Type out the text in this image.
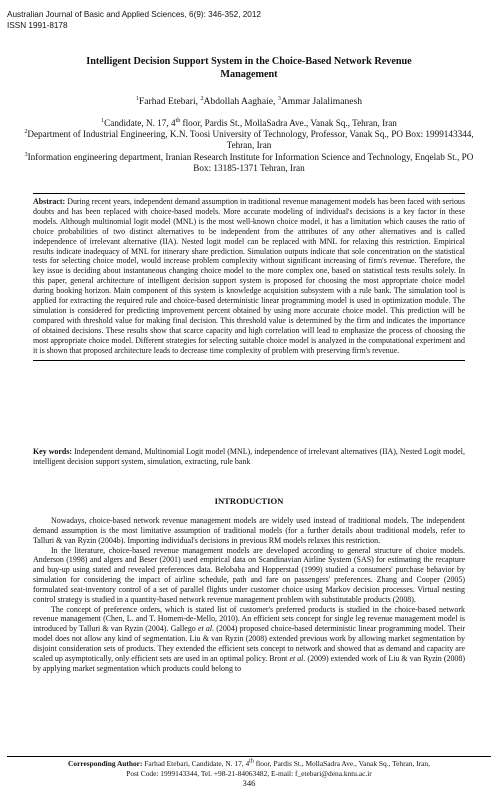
Australian Journal of Basic and Applied Sciences, 6(9): 346-352, 2012
ISSN 1991-8178
Intelligent Decision Support System in the Choice-Based Network Revenue
Management
$^1$Farhad Etebari, $^2$Abdollah Aaghaie, $^3$Ammar Jalalimanesh
$^1$Candidate, N. 17, 4th floor, Pardis St., MollaSadra Ave., Vanak Sq., Tehran, Iran
$^2$Department of Industrial Engineering, K.N. Toosi University of Technology, Professor, Vanak Sq., PO Box: 1999143344, Tehran, Iran
$^3$Information engineering department, Iranian Research Institute for Information Science and Technology, Enqelab St., PO Box: 13185-1371 Tehran, Iran
Abstract: During recent years, independent demand assumption in traditional revenue management models has been faced with serious doubts and has been replaced with choice-based models. More accurate modeling of individual's decisions is a key factor in these models. Although multinomial logit model (MNL) is the most well-known choice model, it has a limitation which causes the ratio of choice probabilities of two distinct alternatives to be independent from the attributes of any other alternatives and is called independence of irrelevant alternative (IIA). Nested logit model can be replaced with MNL for relaxing this restriction. Empirical results indicate inadequacy of MNL for itinerary share prediction. Simulation outputs indicate that sole concentration on the statistical tests for selecting choice model, would increase problem complexity without significant increasing of firm's revenue. Therefore, the key issue is deciding about instantaneous changing choice model to the more complex one, based on statistical tests results solely. In this paper, general architecture of intelligent decision support system is proposed for choosing the most appropriate choice model during booking horizon. Main component of this system is knowledge acquisition subsystem with a rule bank. The simulation tool is applied for extracting the required rule and choice-based deterministic linear programming model is used in optimization module. The simulation is considered for predicting improvement percent obtained by using more accurate choice model. This prediction will be compared with threshold value for making final decision. This threshold value is determined by the firm and indicates the importance of obtained decisions. These results show that scarce capacity and high correlation will lead to emphasize the process of choosing the most appropriate choice model. Different strategies for selecting suitable choice model is analyzed in the computational experiment and it is shown that proposed architecture leads to decrease time complexity of problem with preserving firm's revenue.
Key words: Independent demand, Multinomial Logit model (MNL), independence of irrelevant alternatives (IIA), Nested Logit model, intelligent decision support system, simulation, extracting, rule bank
INTRODUCTION

Nowadays, choice-based network revenue management models are widely used instead of traditional models. The independent demand assumption is the most limitative assumption of traditional models (for a further details about traditional models, refer to Talluri & van Ryzin (2004b). Importing individual's decisions in previous RM models relaxes this restriction.

In the literature, choice-based revenue management models are developed according to general structure of choice models. Anderson (1998) and algers and Beser (2001) used empirical data on Scandinavian Airline System (SAS) for estimating the recapture and buy-up using stated and revealed preferences data. Belobaba and Hopperstad (1999) studied a consumers' purchase behavior by simulation for considering the impact of airline schedule, path and fare on passengers' preferences. Zhang and Cooper (2005) formulated seat-inventory control of a set of parallel flights under customer choice using Markov decision processes. Virtual nesting control strategy is studied in a quantity-based network revenue management problem with substitutable products (2008).

The concept of preference orders, which is stated list of customer's preferred products is studied in the choice-based network revenue management (Chen, L. and T. Homem-de-Mello, 2010). An efficient sets concept for single leg revenue management model is introduced by Talluri & van Ryzin (2004). Gallego et al. (2004) proposed choice-based deterministic linear programming model. Their model does not allow any kind of segmentation. Liu & van Ryzin (2008) extended previous work by allowing market segmentation by disjoint consideration sets of products. They extended the efficient sets concept to network and showed that as demand and capacity are scaled up asymptotically, only efficient sets are used in an optimal policy. Bront et al. (2009) extended work of Liu & van Ryzin (2008) by applying market segmentation which products could belong to

Corresponding Author: Farhad Etebari, Candidate, N. 17, 4th floor, Pardis St., MollaSadra Ave., Vanak Sq., Tehran, Iran,
Post Code: 1999143344, Tel. +98-21-84063482, E-mail: f_etebari@dena.kntu.ac.ir
346
